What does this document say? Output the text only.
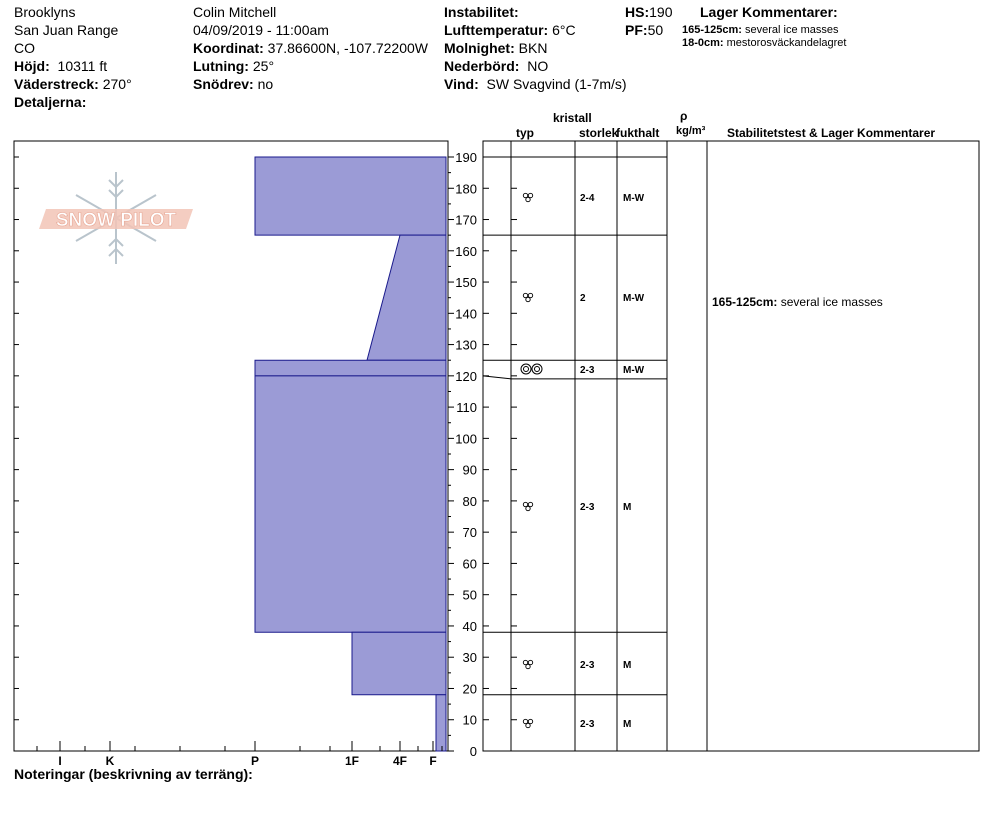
Brooklyns
San Juan Range
CO
Höjd: 10311 ft
Väderstreck: 270°
Detaljerna:
Colin Mitchell
04/09/2019 - 11:00am
Koordinat: 37.86600N, -107.72200W
Lutning: 25°
Snödrev: no
Instabilitet:
Lufttemperatur: 6°C
Molnighet: BKN
Nederbörd: NO
Vind: SW Svagvind (1-7m/s)
HS:190
PF:50
Lager Kommentarer:
165-125cm: several ice masses
18-0cm: mestorosväckandelagret
kristall
typ	storlek
fukthalt
ρ
kg/m³ Stabilitetstest & Lager Kommentarer
Noteringar (beskrivning av terräng):
SNOW PILOT
I	K	P	1F	4F F
0
10
20
30
40
50
60
70
80
90
100
110
120
130
140
150
160
170
180
190
2-4	M-W
2	M-W
2-3	M-W
2-3	M
2-3	M
2-3	M
165-125cm: several ice masses
